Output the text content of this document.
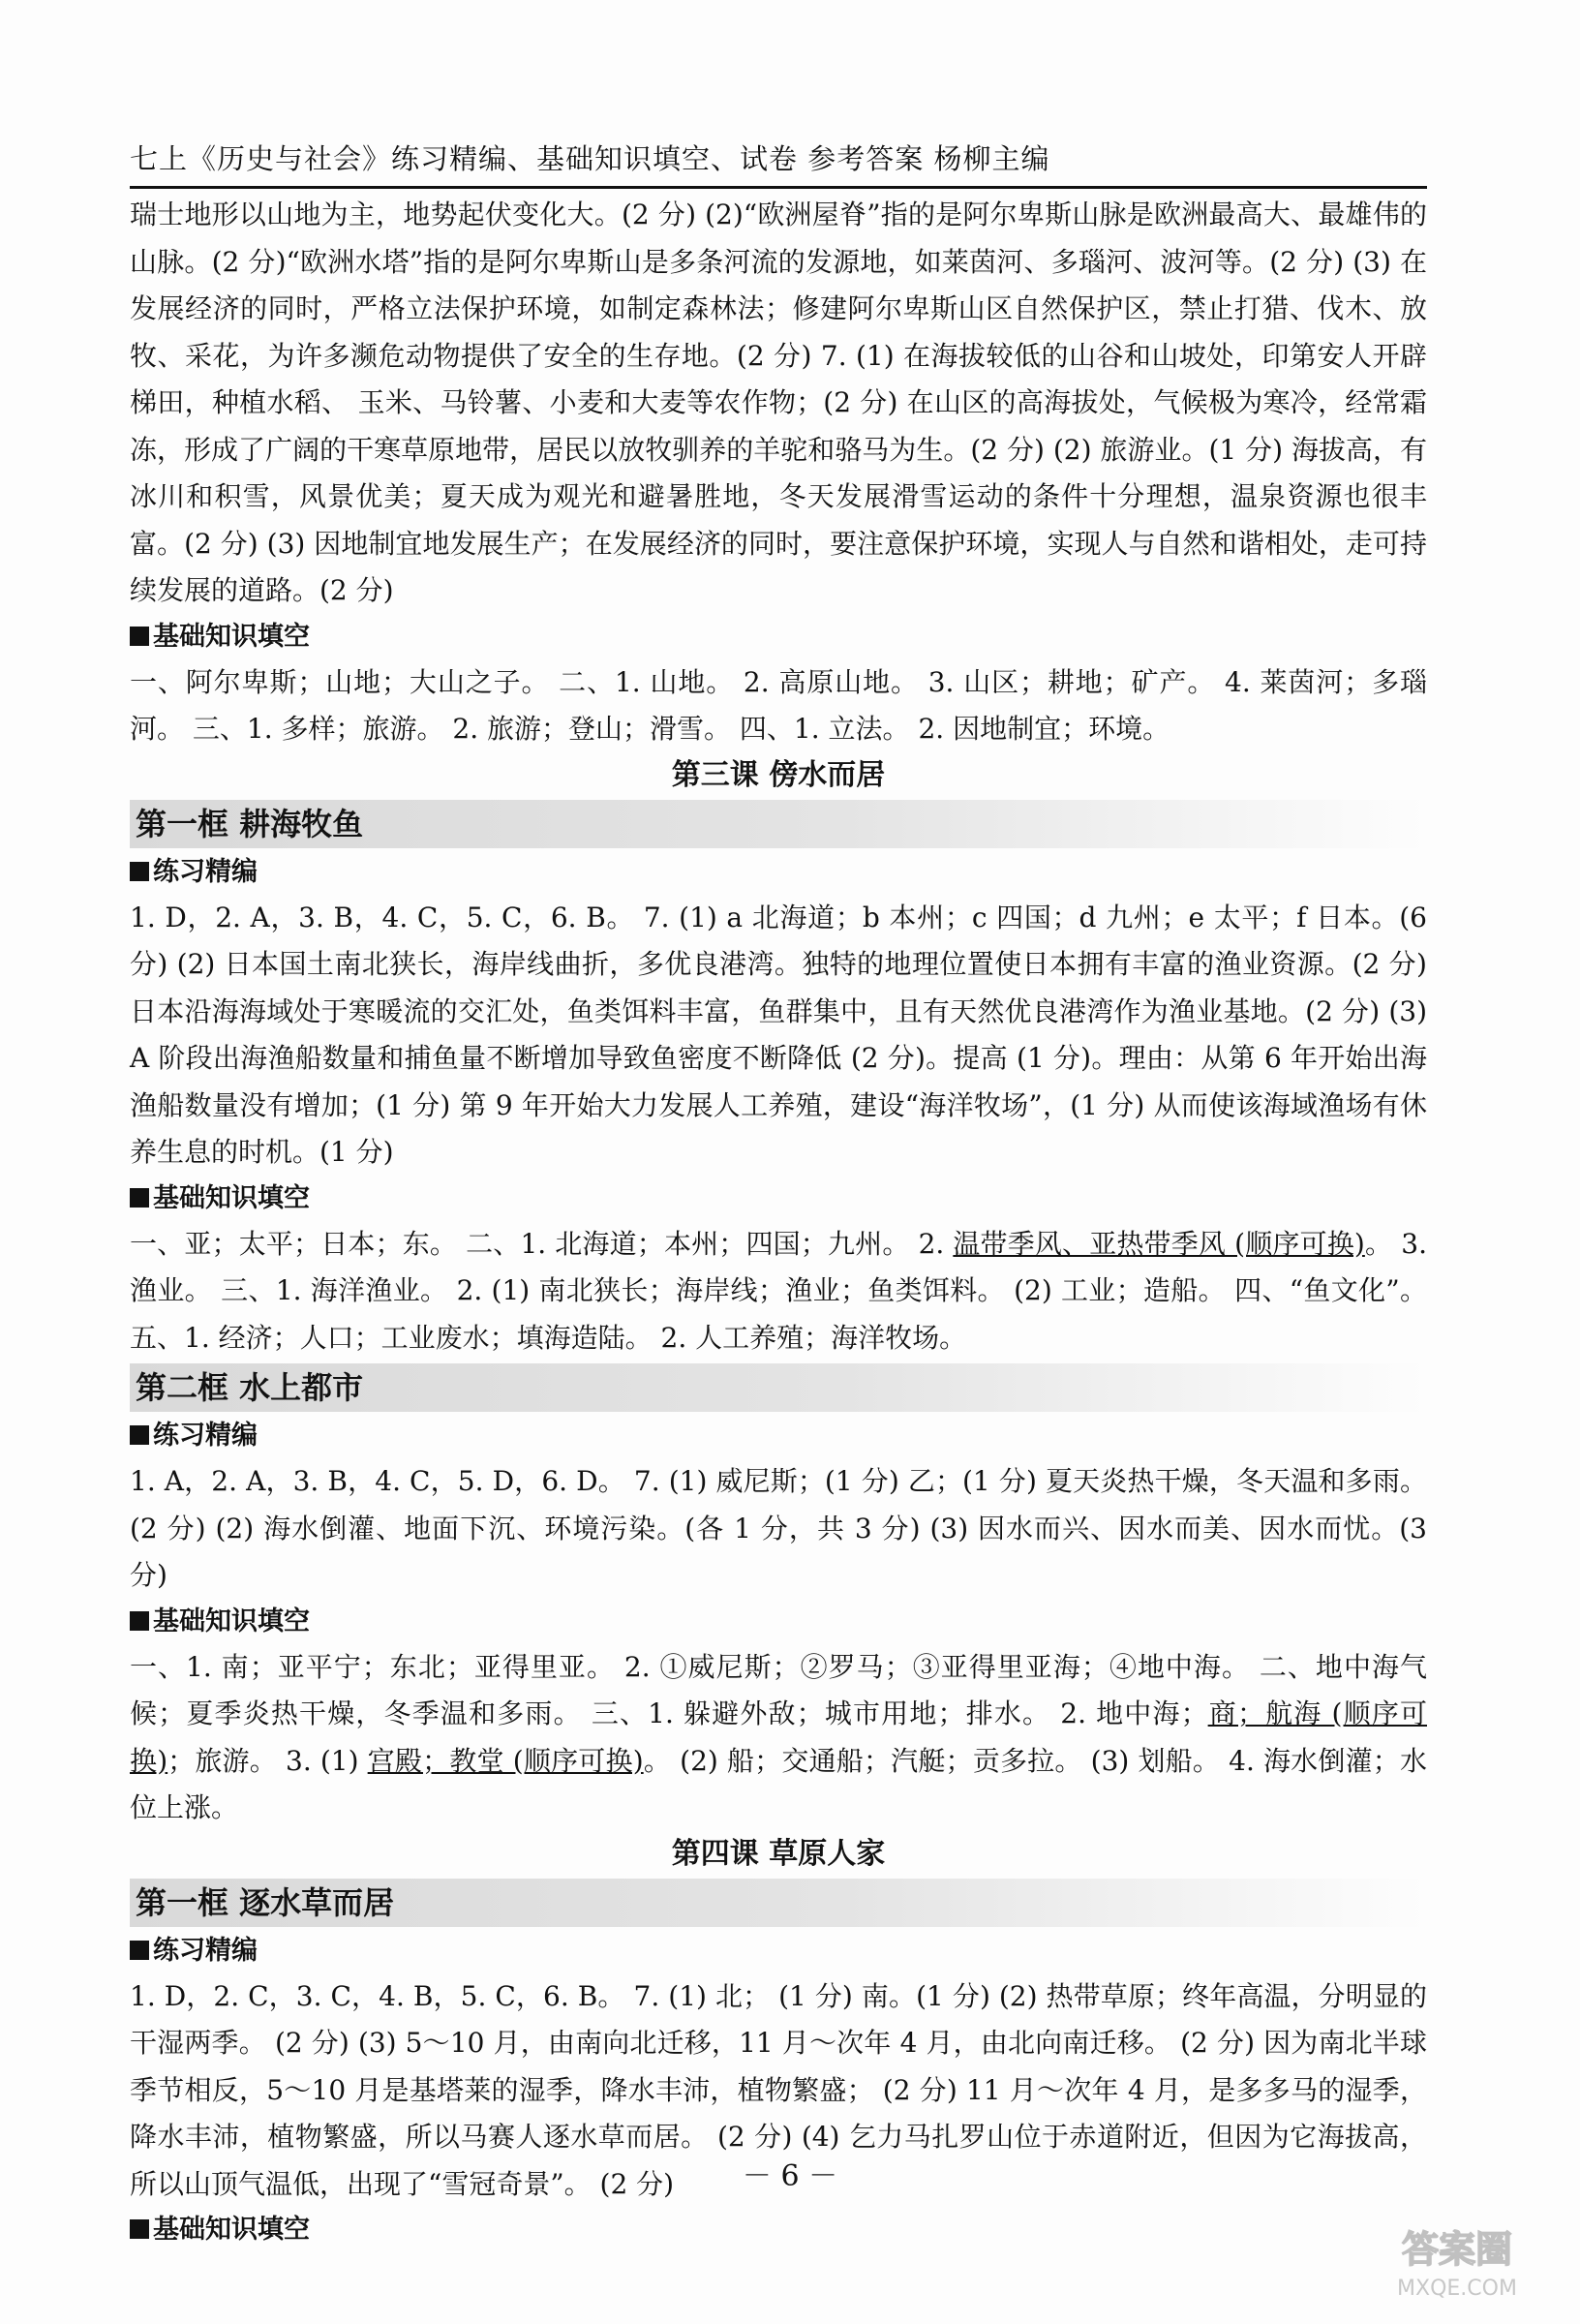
七上《历史与社会》练习精编、基础知识填空、试卷 参考答案 杨柳主编

瑞士地形以山地为主，地势起伏变化大。(2 分) (2)“欧洲屋脊”指的是阿尔卑斯山脉是欧洲最高大、最雄伟的山脉。(2 分)“欧洲水塔”指的是阿尔卑斯山是多条河流的发源地，如莱茵河、多瑙河、波河等。(2 分) (3) 在发展经济的同时，严格立法保护环境，如制定森林法；修建阿尔卑斯山区自然保护区，禁止打猎、伐木、放牧、采花，为许多濒危动物提供了安全的生存地。(2 分) 7. (1) 在海拔较低的山谷和山坡处，印第安人开辟梯田，种植水稻、 玉米、马铃薯、小麦和大麦等农作物；(2 分) 在山区的高海拔处，气候极为寒冷，经常霜冻，形成了广阔的干寒草原地带，居民以放牧驯养的羊驼和骆马为生。(2 分) (2) 旅游业。(1 分) 海拔高，有冰川和积雪，风景优美；夏天成为观光和避暑胜地，冬天发展滑雪运动的条件十分理想，温泉资源也很丰富。(2 分) (3) 因地制宜地发展生产；在发展经济的同时，要注意保护环境，实现人与自然和谐相处，走可持续发展的道路。(2 分)

基础知识填空

一、阿尔卑斯；山地；大山之子。 二、1. 山地。 2. 高原山地。 3. 山区；耕地；矿产。 4. 莱茵河；多瑙河。 三、1. 多样；旅游。 2. 旅游；登山；滑雪。 四、1. 立法。 2. 因地制宜；环境。

第三课 傍水而居
第一框 耕海牧鱼
练习精编

1. D，2. A，3. B，4. C，5. C，6. B。 7. (1) a 北海道；b 本州；c 四国；d 九州；e 太平；f 日本。(6 分) (2) 日本国土南北狭长，海岸线曲折，多优良港湾。独特的地理位置使日本拥有丰富的渔业资源。(2 分) 日本沿海海域处于寒暖流的交汇处，鱼类饵料丰富，鱼群集中，且有天然优良港湾作为渔业基地。(2 分) (3) A 阶段出海渔船数量和捕鱼量不断增加导致鱼密度不断降低 (2 分)。提高 (1 分)。理由：从第 6 年开始出海渔船数量没有增加；(1 分) 第 9 年开始大力发展人工养殖，建设“海洋牧场”，(1 分) 从而使该海域渔场有休养生息的时机。(1 分)

基础知识填空

一、亚；太平；日本；东。 二、1. 北海道；本州；四国；九州。 2. 温带季风、亚热带季风 (顺序可换)。 3. 渔业。 三、1. 海洋渔业。 2. (1) 南北狭长；海岸线；渔业；鱼类饵料。 (2) 工业；造船。 四、“鱼文化”。 五、1. 经济；人口；工业废水；填海造陆。 2. 人工养殖；海洋牧场。

第二框 水上都市
练习精编

1. A，2. A，3. B，4. C，5. D，6. D。 7. (1) 威尼斯；(1 分) 乙；(1 分) 夏天炎热干燥，冬天温和多雨。(2 分) (2) 海水倒灌、地面下沉、环境污染。(各 1 分，共 3 分) (3) 因水而兴、因水而美、因水而忧。(3 分)

基础知识填空

一、1. 南；亚平宁；东北；亚得里亚。 2. ①威尼斯；②罗马；③亚得里亚海；④地中海。 二、地中海气候；夏季炎热干燥，冬季温和多雨。 三、1. 躲避外敌；城市用地；排水。 2. 地中海；商；航海 (顺序可换)；旅游。 3. (1) 宫殿；教堂 (顺序可换)。 (2) 船；交通船；汽艇；贡多拉。 (3) 划船。 4. 海水倒灌；水位上涨。

第四课 草原人家
第一框 逐水草而居
练习精编

1. D，2. C，3. C，4. B，5. C，6. B。 7. (1) 北； (1 分) 南。(1 分) (2) 热带草原；终年高温，分明显的干湿两季。 (2 分) (3) 5～10 月，由南向北迁移，11 月～次年 4 月，由北向南迁移。 (2 分) 因为南北半球季节相反，5～10 月是基塔莱的湿季，降水丰沛，植物繁盛； (2 分) 11 月～次年 4 月，是多多马的湿季，降水丰沛，植物繁盛，所以马赛人逐水草而居。 (2 分) (4) 乞力马扎罗山位于赤道附近，但因为它海拔高，所以山顶气温低，出现了“雪冠奇景”。 (2 分)

基础知识填空
－ 6 －
答案圈
MXQE.COM
